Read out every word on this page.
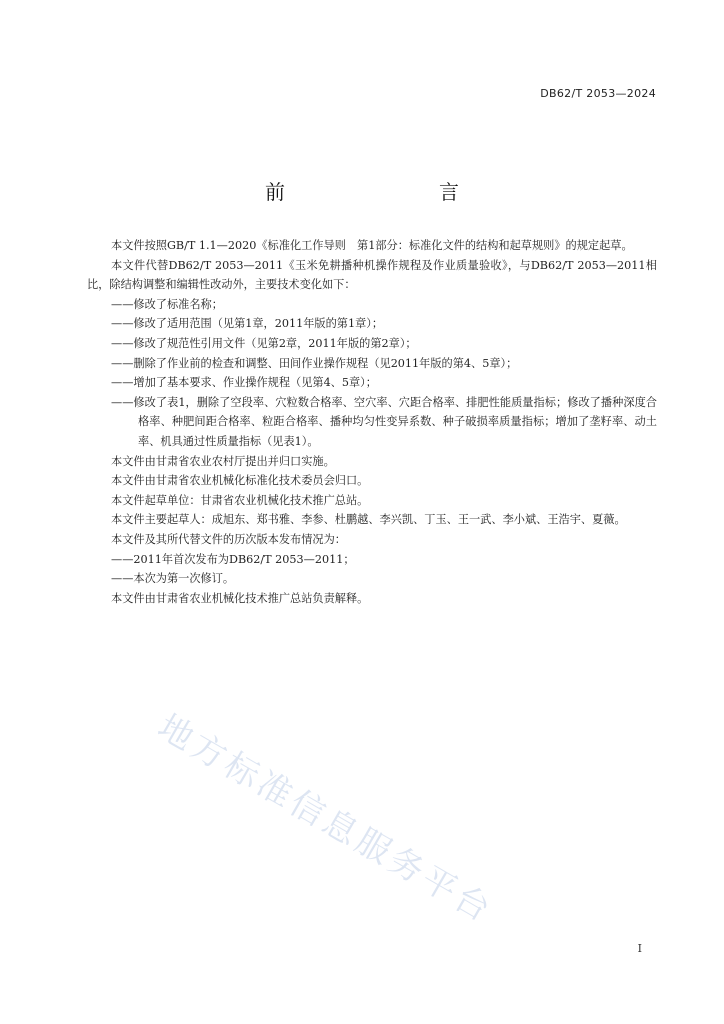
DB62/T 2053—2024
前　　言

本文件按照GB/T 1.1—2020《标准化工作导则　第1部分：标准化文件的结构和起草规则》的规定起草。

本文件代替DB62/T 2053—2011《玉米免耕播种机操作规程及作业质量验收》，与DB62/T 2053—2011相比，除结构调整和编辑性改动外，主要技术变化如下：

——修改了标准名称；

——修改了适用范围（见第1章，2011年版的第1章）；

——修改了规范性引用文件（见第2章，2011年版的第2章）；

——删除了作业前的检查和调整、田间作业操作规程（见2011年版的第4、5章）；

——增加了基本要求、作业操作规程（见第4、5章）；

——修改了表1，删除了空段率、穴粒数合格率、空穴率、穴距合格率、排肥性能质量指标；修改了播种深度合格率、种肥间距合格率、粒距合格率、播种均匀性变异系数、种子破损率质量指标；增加了垄籽率、动土率、机具通过性质量指标（见表1）。

本文件由甘肃省农业农村厅提出并归口实施。

本文件由甘肃省农业机械化标准化技术委员会归口。

本文件起草单位：甘肃省农业机械化技术推广总站。

本文件主要起草人：成旭东、郑书雅、李参、杜鹏越、李兴凯、丁玉、王一武、李小斌、王浩宇、夏薇。

本文件及其所代替文件的历次版本发布情况为：

——2011年首次发布为DB62/T 2053—2011；

——本次为第一次修订。

本文件由甘肃省农业机械化技术推广总站负责解释。

地方标准信息服务平台
I
